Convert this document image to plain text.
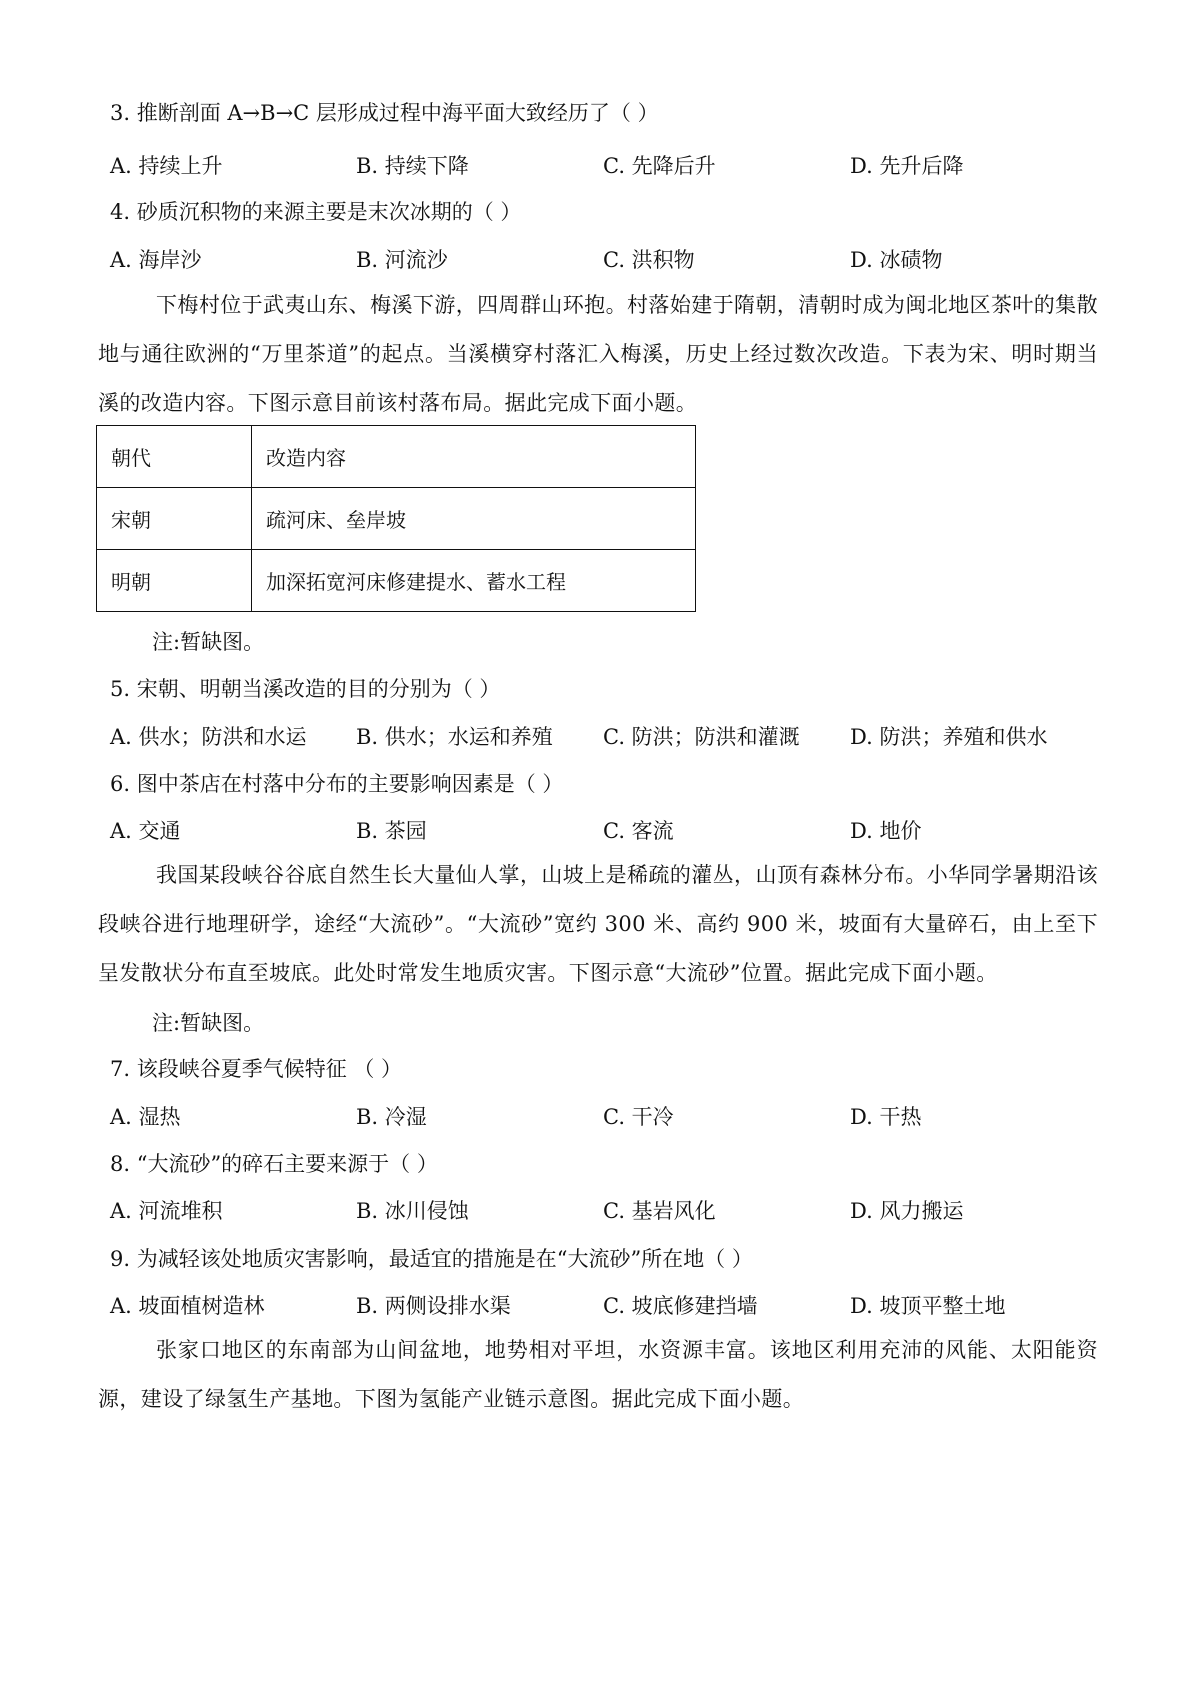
3. 推断剖面 A→B→C 层形成过程中海平面大致经历了（ ）
A. 持续上升	B. 持续下降	C. 先降后升	D. 先升后降
4. 砂质沉积物的来源主要是末次冰期的（ ）
A. 海岸沙	B. 河流沙	C. 洪积物	D. 冰碛物
下梅村位于武夷山东、梅溪下游，四周群山环抱。村落始建于隋朝，清朝时成为闽北地区茶叶的集散地与通往欧洲的“万里茶道”的起点。当溪横穿村落汇入梅溪，历史上经过数次改造。下表为宋、明时期当溪的改造内容。下图示意目前该村落布局。据此完成下面小题。
朝代	改造内容
宋朝	疏河床、垒岸坡
明朝	加深拓宽河床修建提水、蓄水工程
注:暂缺图。
5. 宋朝、明朝当溪改造的目的分别为（ ）
A. 供水；防洪和水运 B. 供水；水运和养殖 C. 防洪；防洪和灌溉 D. 防洪；养殖和供水
6. 图中茶店在村落中分布的主要影响因素是（ ）
A. 交通	B. 茶园	C. 客流	D. 地价
我国某段峡谷谷底自然生长大量仙人掌，山坡上是稀疏的灌丛，山顶有森林分布。小华同学暑期沿该段峡谷进行地理研学，途经“大流砂”。“大流砂”宽约 300 米、高约 900 米，坡面有大量碎石，由上至下呈发散状分布直至坡底。此处时常发生地质灾害。下图示意“大流砂”位置。据此完成下面小题。
注:暂缺图。
7. 该段峡谷夏季气候特征 （ ）
A. 湿热	B. 冷湿	C. 干冷	D. 干热
8. “大流砂”的碎石主要来源于（ ）
A. 河流堆积	B. 冰川侵蚀	C. 基岩风化	D. 风力搬运
9. 为减轻该处地质灾害影响，最适宜的措施是在“大流砂”所在地（ ）
A. 坡面植树造林	B. 两侧设排水渠	C. 坡底修建挡墙	D. 坡顶平整土地
张家口地区的东南部为山间盆地，地势相对平坦，水资源丰富。该地区利用充沛的风能、太阳能资源，建设了绿氢生产基地。下图为氢能产业链示意图。据此完成下面小题。
